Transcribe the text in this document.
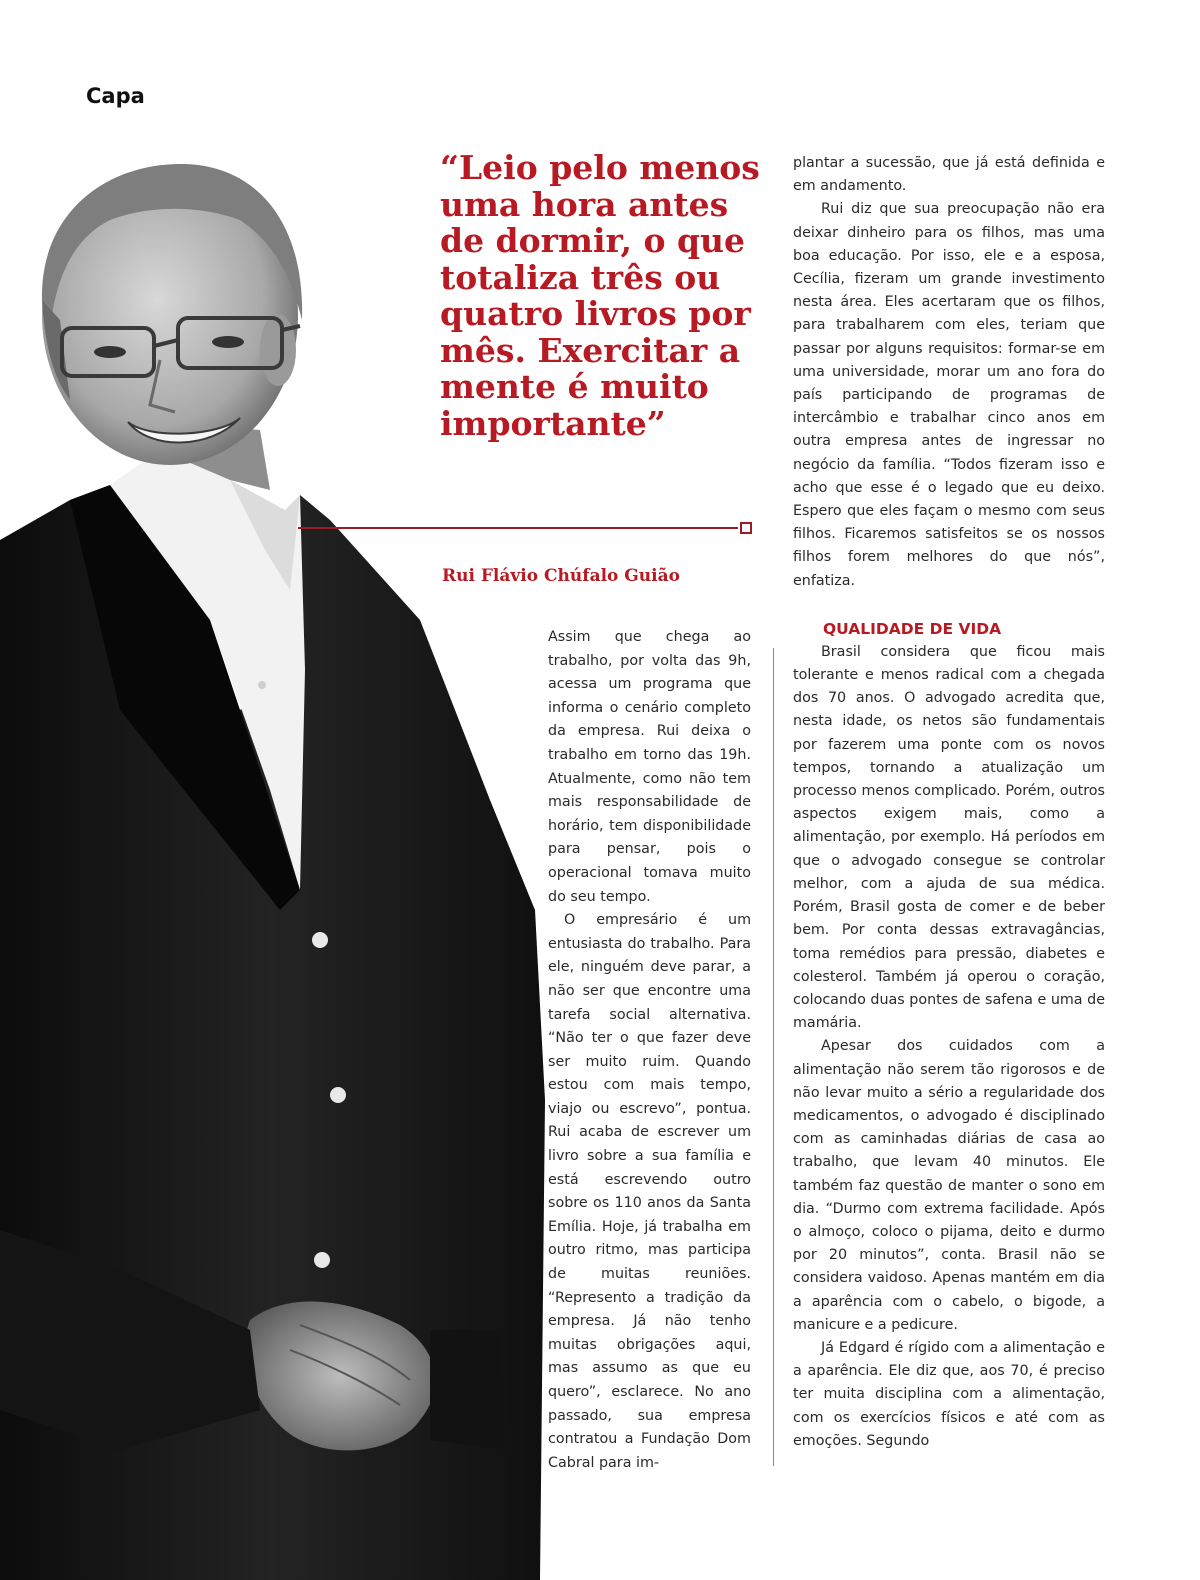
Capa
“Leio pelo menos uma hora antes de dormir, o que totaliza três ou quatro livros por mês. Exercitar a mente é muito importante”
Rui Flávio Chúfalo Guião

Assim que chega ao trabalho, por volta das 9h, acessa um programa que informa o cenário completo da empresa. Rui deixa o trabalho em torno das 19h. Atualmente, como não tem mais responsabilidade de horário, tem disponibilidade para pensar, pois o operacional tomava muito do seu tempo.

O empresário é um entusiasta do trabalho. Para ele, ninguém deve parar, a não ser que encontre uma tarefa social alternativa. “Não ter o que fazer deve ser muito ruim. Quando estou com mais tempo, viajo ou escrevo”, pontua. Rui acaba de escrever um livro sobre a sua família e está escrevendo outro sobre os 110 anos da Santa Emília. Hoje, já trabalha em outro ritmo, mas participa de muitas reuniões. “Represento a tradição da empresa. Já não tenho muitas obrigações aqui, mas assumo as que eu quero”, esclarece. No ano passado, sua empresa contratou a Fundação Dom Cabral para im-

plantar a sucessão, que já está definida e em andamento.

Rui diz que sua preocupação não era deixar dinheiro para os filhos, mas uma boa educação. Por isso, ele e a esposa, Cecília, fizeram um grande investimento nesta área. Eles acertaram que os filhos, para trabalharem com eles, teriam que passar por alguns requisitos: formar-se em uma universidade, morar um ano fora do país participando de programas de intercâmbio e trabalhar cinco anos em outra empresa antes de ingressar no negócio da família. “Todos fizeram isso e acho que esse é o legado que eu deixo. Espero que eles façam o mesmo com seus filhos. Ficaremos satisfeitos se os nossos filhos forem melhores do que nós”, enfatiza.

QUALIDADE DE VIDA

Brasil considera que ficou mais tolerante e menos radical com a chegada dos 70 anos. O advogado acredita que, nesta idade, os netos são fundamentais por fazerem uma ponte com os novos tempos, tornando a atualização um processo menos complicado. Porém, outros aspectos exigem mais, como a alimentação, por exemplo. Há períodos em que o advogado consegue se controlar melhor, com a ajuda de sua médica. Porém, Brasil gosta de comer e de beber bem. Por conta dessas extravagâncias, toma remédios para pressão, diabetes e colesterol. Também já operou o coração, colocando duas pontes de safena e uma de mamária.

Apesar dos cuidados com a alimentação não serem tão rigorosos e de não levar muito a sério a regularidade dos medicamentos, o advogado é disciplinado com as caminhadas diárias de casa ao trabalho, que levam 40 minutos. Ele também faz questão de manter o sono em dia. “Durmo com extrema facilidade. Após o almoço, coloco o pijama, deito e durmo por 20 minutos”, conta. Brasil não se considera vaidoso. Apenas mantém em dia a aparência com o cabelo, o bigode, a manicure e a pedicure.

Já Edgard é rígido com a alimentação e a aparência. Ele diz que, aos 70, é preciso ter muita disciplina com a alimentação, com os exercícios físicos e até com as emoções. Segundo
